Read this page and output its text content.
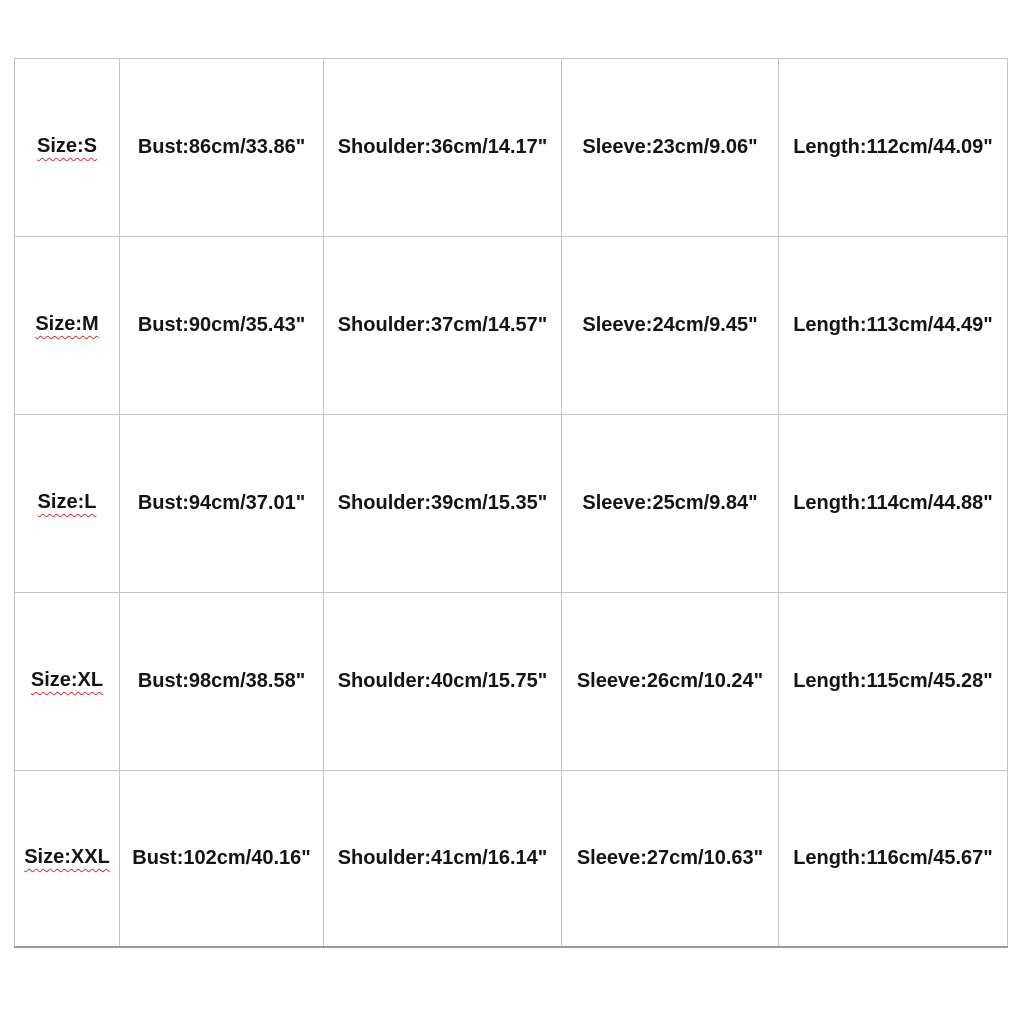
Size:S	Bust:86cm/33.86"	Shoulder:36cm/14.17"	Sleeve:23cm/9.06"	Length:112cm/44.09"
Size:M	Bust:90cm/35.43"	Shoulder:37cm/14.57"	Sleeve:24cm/9.45"	Length:113cm/44.49"
Size:L	Bust:94cm/37.01"	Shoulder:39cm/15.35"	Sleeve:25cm/9.84"	Length:114cm/44.88"
Size:XL	Bust:98cm/38.58"	Shoulder:40cm/15.75"	Sleeve:26cm/10.24"	Length:115cm/45.28"
Size:XXL	Bust:102cm/40.16"	Shoulder:41cm/16.14"	Sleeve:27cm/10.63"	Length:116cm/45.67"
